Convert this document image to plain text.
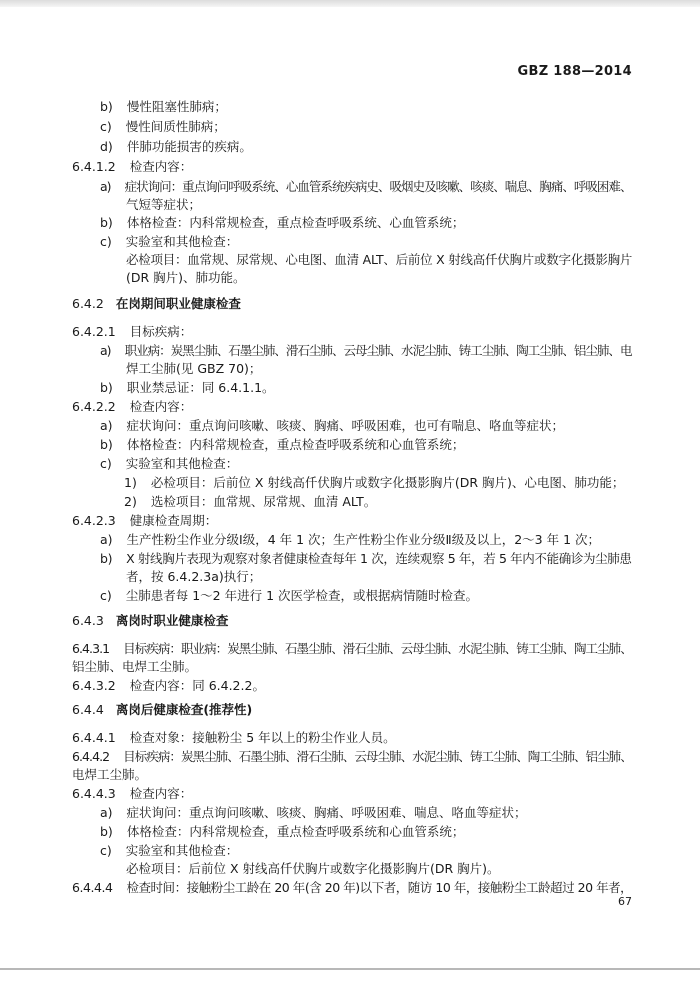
GBZ 188—2014
b) 慢性阻塞性肺病；
c) 慢性间质性肺病；
d) 伴肺功能损害的疾病。
6.4.1.2 检查内容：
a) 症状询问：重点询问呼吸系统、心血管系统疾病史、吸烟史及咳嗽、咳痰、喘息、胸痛、呼吸困难、
气短等症状；
b) 体格检查：内科常规检查，重点检查呼吸系统、心血管系统；
c) 实验室和其他检查：
必检项目：血常规、尿常规、心电图、血清 ALT、后前位 X 射线高仟伏胸片或数字化摄影胸片
(DR 胸片)、肺功能。
6.4.2 在岗期间职业健康检查
6.4.2.1 目标疾病：
a) 职业病：炭黑尘肺、石墨尘肺、滑石尘肺、云母尘肺、水泥尘肺、铸工尘肺、陶工尘肺、铝尘肺、电
焊工尘肺(见 GBZ 70)；
b) 职业禁忌证：同 6.4.1.1。
6.4.2.2 检查内容：
a) 症状询问：重点询问咳嗽、咳痰、胸痛、呼吸困难，也可有喘息、咯血等症状；
b) 体格检查：内科常规检查，重点检查呼吸系统和心血管系统；
c) 实验室和其他检查：
1) 必检项目：后前位 X 射线高仟伏胸片或数字化摄影胸片(DR 胸片)、心电图、肺功能；
2) 选检项目：血常规、尿常规、血清 ALT。
6.4.2.3 健康检查周期：
a) 生产性粉尘作业分级Ⅰ级，4 年 1 次；生产性粉尘作业分级Ⅱ级及以上，2～3 年 1 次；
b) X 射线胸片表现为观察对象者健康检查每年 1 次，连续观察 5 年，若 5 年内不能确诊为尘肺患
者，按 6.4.2.3a)执行；
c) 尘肺患者每 1～2 年进行 1 次医学检查，或根据病情随时检查。
6.4.3 离岗时职业健康检查
6.4.3.1 目标疾病：职业病：炭黑尘肺、石墨尘肺、滑石尘肺、云母尘肺、水泥尘肺、铸工尘肺、陶工尘肺、
铝尘肺、电焊工尘肺。
6.4.3.2 检查内容：同 6.4.2.2。
6.4.4 离岗后健康检查(推荐性)
6.4.4.1 检查对象：接触粉尘 5 年以上的粉尘作业人员。
6.4.4.2 目标疾病：炭黑尘肺、石墨尘肺、滑石尘肺、云母尘肺、水泥尘肺、铸工尘肺、陶工尘肺、铝尘肺、
电焊工尘肺。
6.4.4.3 检查内容：
a) 症状询问：重点询问咳嗽、咳痰、胸痛、呼吸困难、喘息、咯血等症状；
b) 体格检查：内科常规检查，重点检查呼吸系统和心血管系统；
c) 实验室和其他检查：
必检项目：后前位 X 射线高仟伏胸片或数字化摄影胸片(DR 胸片)。
6.4.4.4 检查时间：接触粉尘工龄在 20 年(含 20 年)以下者，随访 10 年，接触粉尘工龄超过 20 年者，
67
